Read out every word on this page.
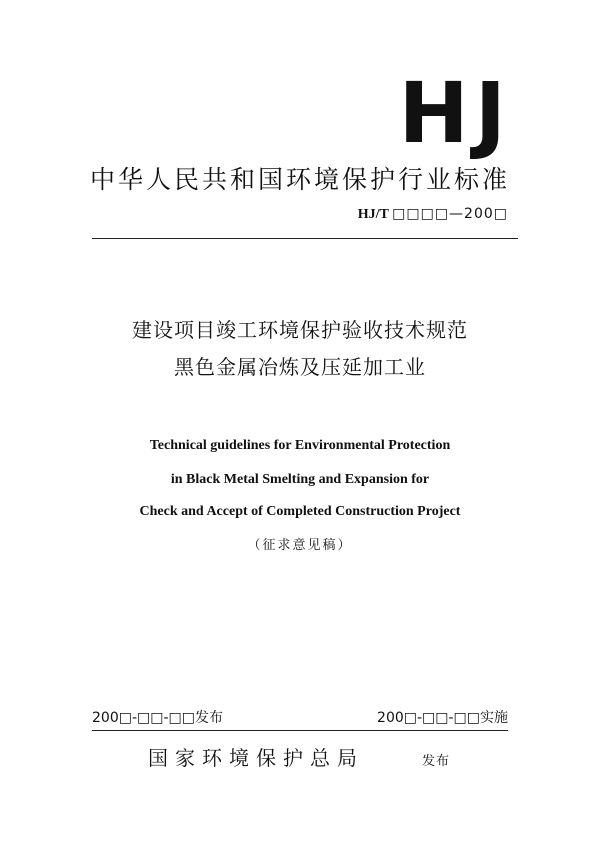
HJ
中华人民共和国环境保护行业标准
HJ/T □□□□—200□
建设项目竣工环境保护验收技术规范
黑色金属冶炼及压延加工业
Technical guidelines for Environmental Protection
in Black Metal Smelting and Expansion for
Check and Accept of Completed Construction Project
（征求意见稿）
200□-□□-□□发布	200□-□□-□□实施
国家环境保护总局	发布
